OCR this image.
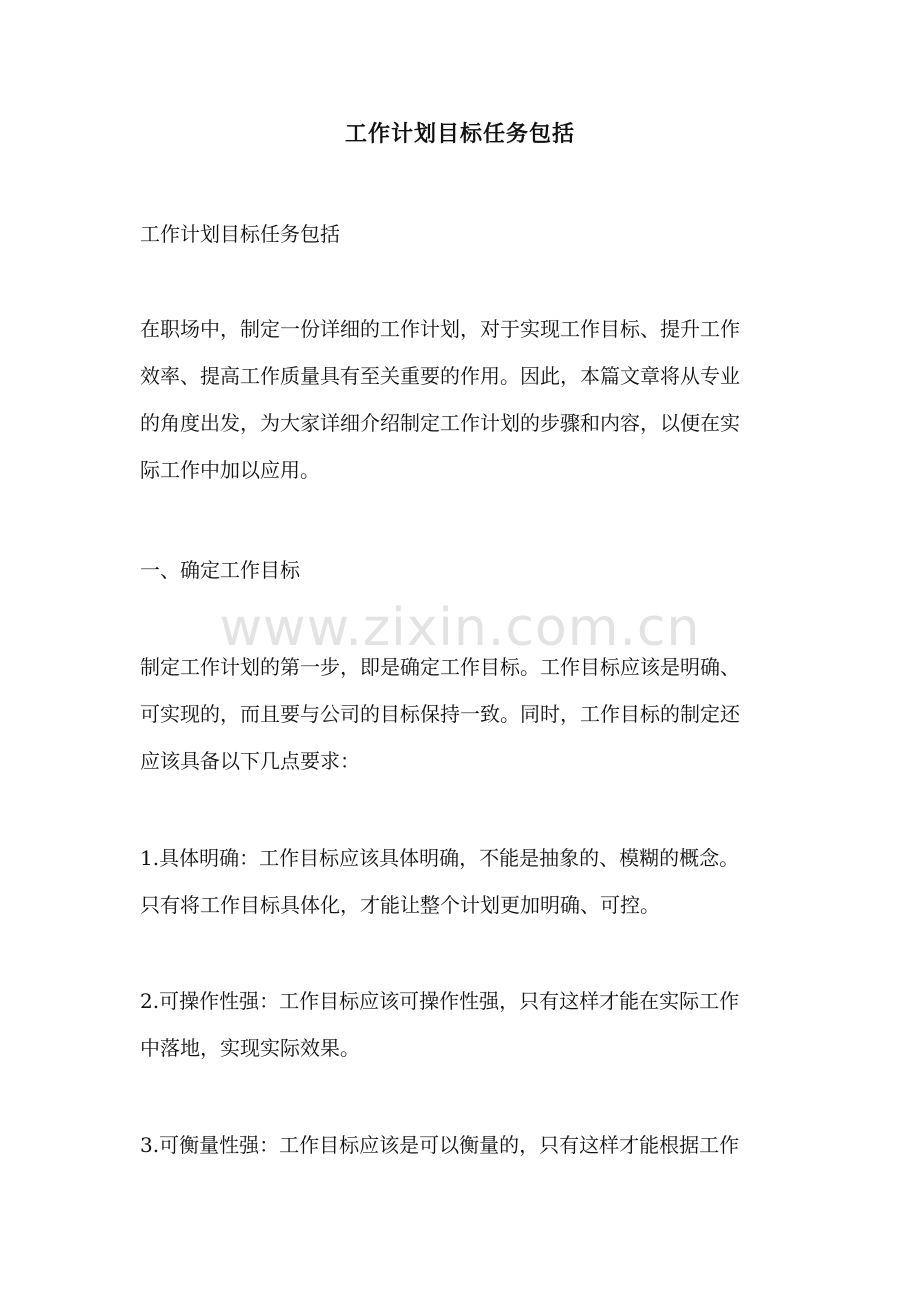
工作计划目标任务包括
www.zixin.com.cn

工作计划目标任务包括

在职场中，制定一份详细的工作计划，对于实现工作目标、提升工作

效率、提高工作质量具有至关重要的作用。因此，本篇文章将从专业

的角度出发，为大家详细介绍制定工作计划的步骤和内容，以便在实

际工作中加以应用。

一、确定工作目标

制定工作计划的第一步，即是确定工作目标。工作目标应该是明确、

可实现的，而且要与公司的目标保持一致。同时，工作目标的制定还

应该具备以下几点要求：

1.具体明确：工作目标应该具体明确，不能是抽象的、模糊的概念。

只有将工作目标具体化，才能让整个计划更加明确、可控。

2.可操作性强：工作目标应该可操作性强，只有这样才能在实际工作

中落地，实现实际效果。

3.可衡量性强：工作目标应该是可以衡量的，只有这样才能根据工作
